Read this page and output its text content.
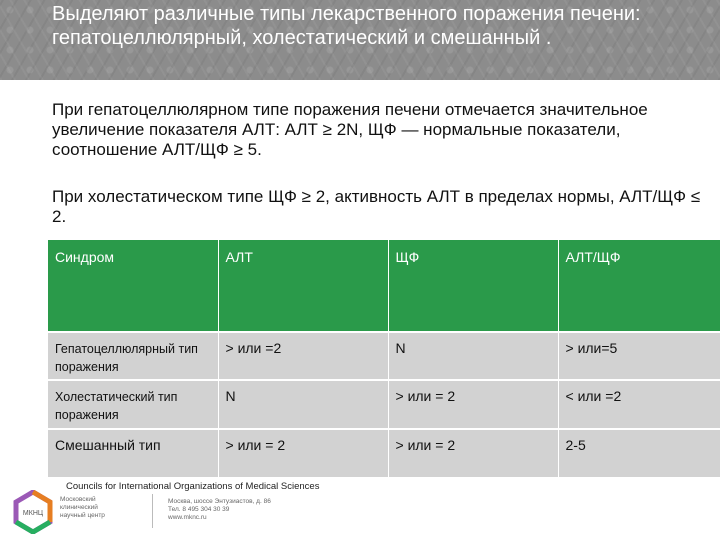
Выделяют различные типы лекарственного поражения печени: гепатоцеллюлярный, холестатический и смешанный .

При гепатоцеллюлярном типе поражения печени отмечается значительное увеличение показателя АЛТ: АЛТ ≥ 2N, ЩФ — нормальные показатели, соотношение АЛТ/ЩФ ≥ 5.

При холестатическом типе ЩФ ≥ 2, активность АЛТ в пределах нормы, АЛТ/ЩФ ≤ 2.

Синдром	АЛТ	ЩФ	АЛТ/ЩФ

Гепатоцеллюлярный тип поражения	> или =2	N	> или=5

Холестатический тип поражения	N	> или = 2	< или =2
Смешанный тип	> или = 2	> или = 2	2-5
Councils for International Organizations of Medical Sciences
МКНЦ
Московский
клинический
научный центр
Москва, шоссе Энтузиастов, д. 86
Тел. 8 495 304 30 39
www.mknc.ru
